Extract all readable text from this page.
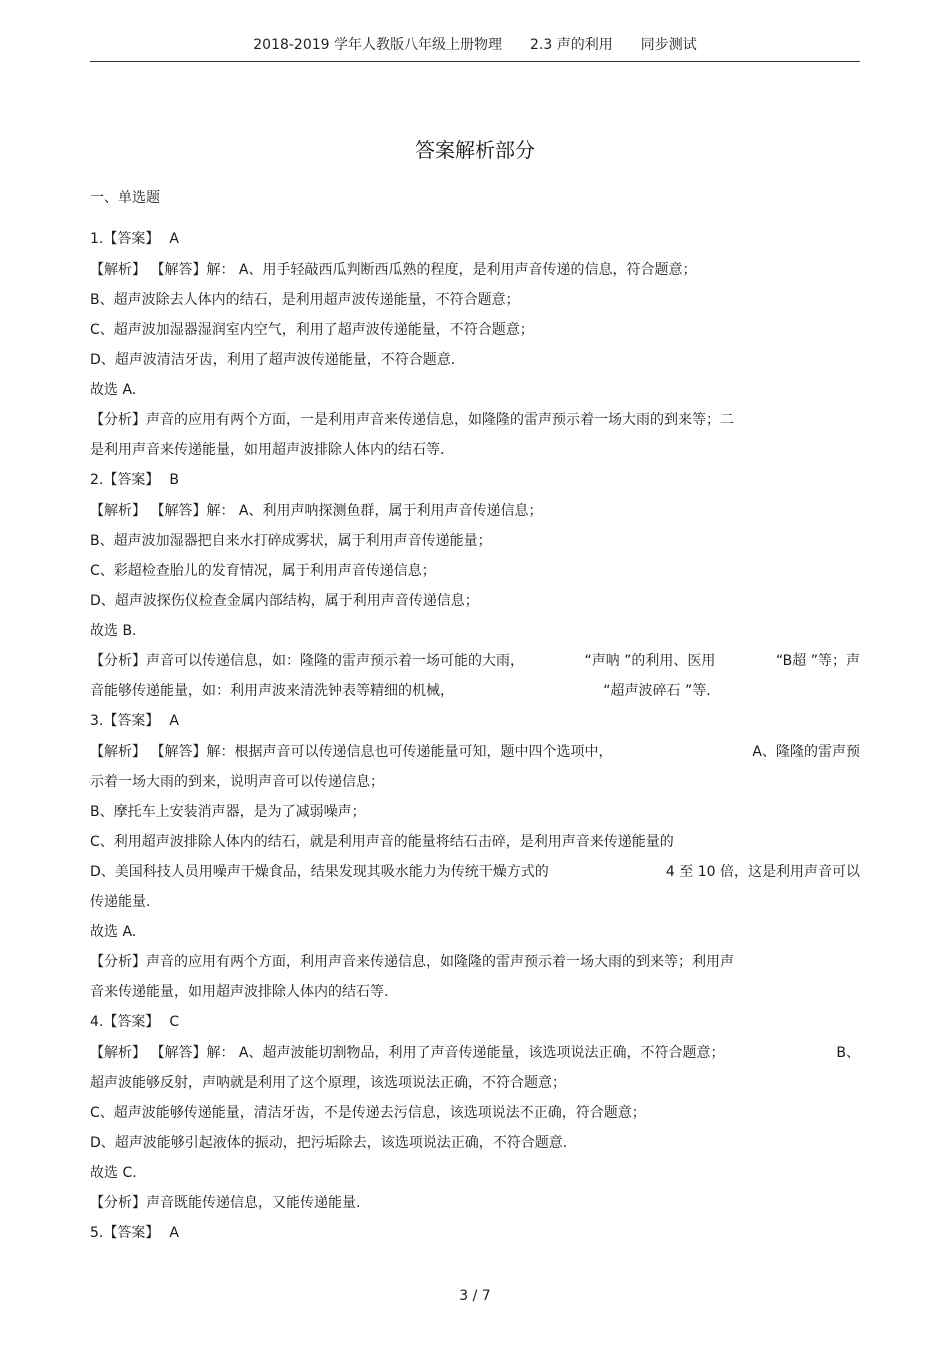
2018-2019 学年人教版八年级上册物理 2.3 声的利用 同步测试
答案解析部分
一、单选题
1.【答案】 A
【解析】 【解答】解： A、用手轻敲西瓜判断西瓜熟的程度，是利用声音传递的信息，符合题意；
B、超声波除去人体内的结石，是利用超声波传递能量，不符合题意；
C、超声波加湿器湿润室内空气，利用了超声波传递能量，不符合题意；
D、超声波清洁牙齿，利用了超声波传递能量，不符合题意.
故选 A.
【分析】声音的应用有两个方面，一是利用声音来传递信息，如隆隆的雷声预示着一场大雨的到来等；二
是利用声音来传递能量，如用超声波排除人体内的结石等.
2.【答案】 B
【解析】 【解答】解： A、利用声呐探测鱼群，属于利用声音传递信息；
B、超声波加湿器把自来水打碎成雾状，属于利用声音传递能量；
C、彩超检查胎儿的发育情况，属于利用声音传递信息；
D、超声波探伤仪检查金属内部结构，属于利用声音传递信息；
故选 B.
【分析】声音可以传递信息，如：隆隆的雷声预示着一场可能的大雨，	“声呐 ”的利用、医用	“B超 ”等；声
音能够传递能量，如：利用声波来清洗钟表等精细的机械，	“超声波碎石 ”等.
3.【答案】 A
【解析】 【解答】解：根据声音可以传递信息也可传递能量可知，题中四个选项中，	A、隆隆的雷声预
示着一场大雨的到来，说明声音可以传递信息；
B、摩托车上安装消声器，是为了减弱噪声；
C、利用超声波排除人体内的结石，就是利用声音的能量将结石击碎，是利用声音来传递能量的
D、美国科技人员用噪声干燥食品，结果发现其吸水能力为传统干燥方式的	4 至 10 倍，这是利用声音可以
传递能量.
故选 A.
【分析】声音的应用有两个方面，利用声音来传递信息，如隆隆的雷声预示着一场大雨的到来等；利用声
音来传递能量，如用超声波排除人体内的结石等.
4.【答案】 C
【解析】 【解答】解： A、超声波能切割物品，利用了声音传递能量，该选项说法正确，不符合题意；	B、
超声波能够反射，声呐就是利用了这个原理，该选项说法正确，不符合题意；
C、超声波能够传递能量，清洁牙齿，不是传递去污信息，该选项说法不正确，符合题意；
D、超声波能够引起液体的振动，把污垢除去，该选项说法正确，不符合题意.
故选 C.
【分析】声音既能传递信息，又能传递能量.
5.【答案】 A
3 / 7
